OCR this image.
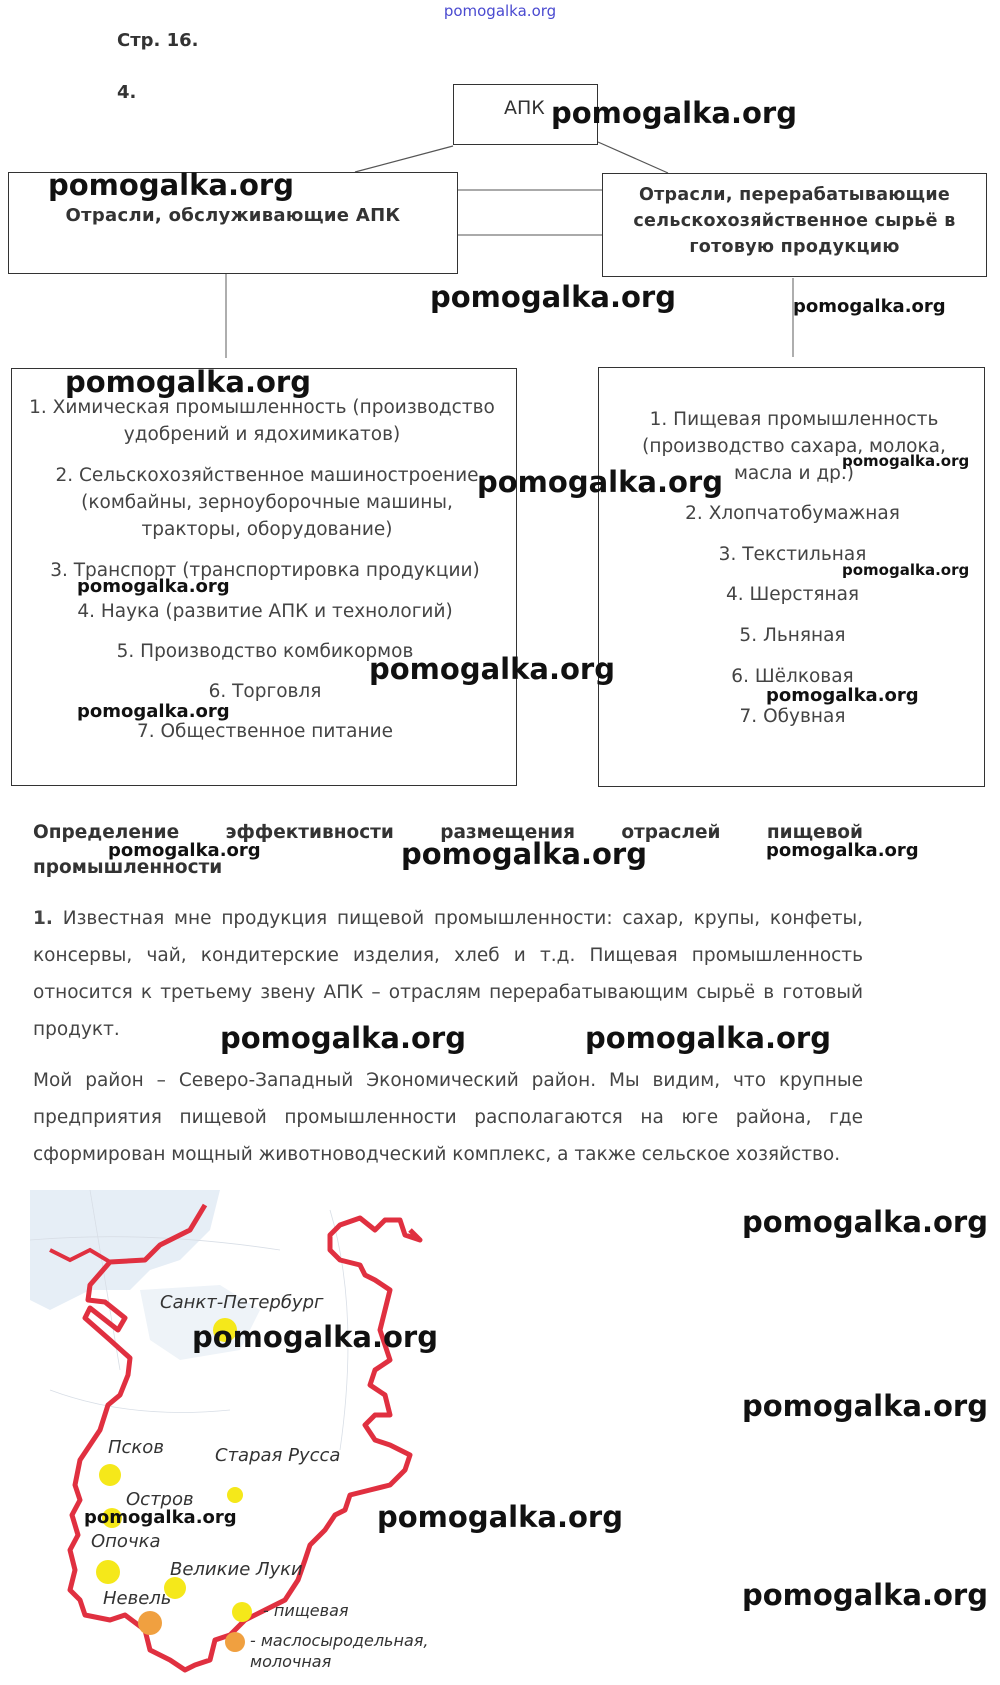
pomogalka.org
Стр. 16.
4.
АПК
Отрасли, обслуживающие АПК
Отрасли, перерабатывающие сельскохозяйственное сырьё в готовую продукцию
1. Химическая промышленность (производство удобрений и ядохимикатов)
2. Сельскохозяйственное машиностроение (комбайны, зерноуборочные машины, тракторы, оборудование)
3. Транспорт (транспортировка продукции)
4. Наука (развитие АПК и технологий)
5. Производство комбикормов
6. Торговля
7. Общественное питание
1. Пищевая промышленность (производство сахара, молока, масла и др.)
2. Хлопчатобумажная
3. Текстильная
4. Шерстяная
5. Льняная
6. Шёлковая
7. Обувная
Определение	эффективности	размещения	отраслей	пищевой
промышленности
1. Известная мне продукция пищевой промышленности: сахар, крупы, конфеты, консервы, чай, кондитерские изделия, хлеб и т.д. Пищевая промышленность относится к третьему звену АПК – отраслям перерабатывающим сырьё в готовый продукт.
Мой район – Северо-Западный Экономический район. Мы видим, что крупные предприятия пищевой промышленности располагаются на юге района, где сформирован мощный животноводческий комплекс, а также сельское хозяйство.
Санкт-Петербург
Псков	Старая Русса
Остров
Опочка
Великие Луки
Невель
- пищевая
- маслосыродельная, молочная
pomogalka.org
pomogalka.org
pomogalka.org	pomogalka.org
pomogalka.org
pomogalka.org
pomogalka.org
pomogalka.org
pomogalka.org
pomogalka.org
pomogalka.org
pomogalka.org
pomogalka.org	pomogalka.org	pomogalka.org
pomogalka.org	pomogalka.org
pomogalka.org
pomogalka.org
pomogalka.org
pomogalka.org	pomogalka.org
pomogalka.org
